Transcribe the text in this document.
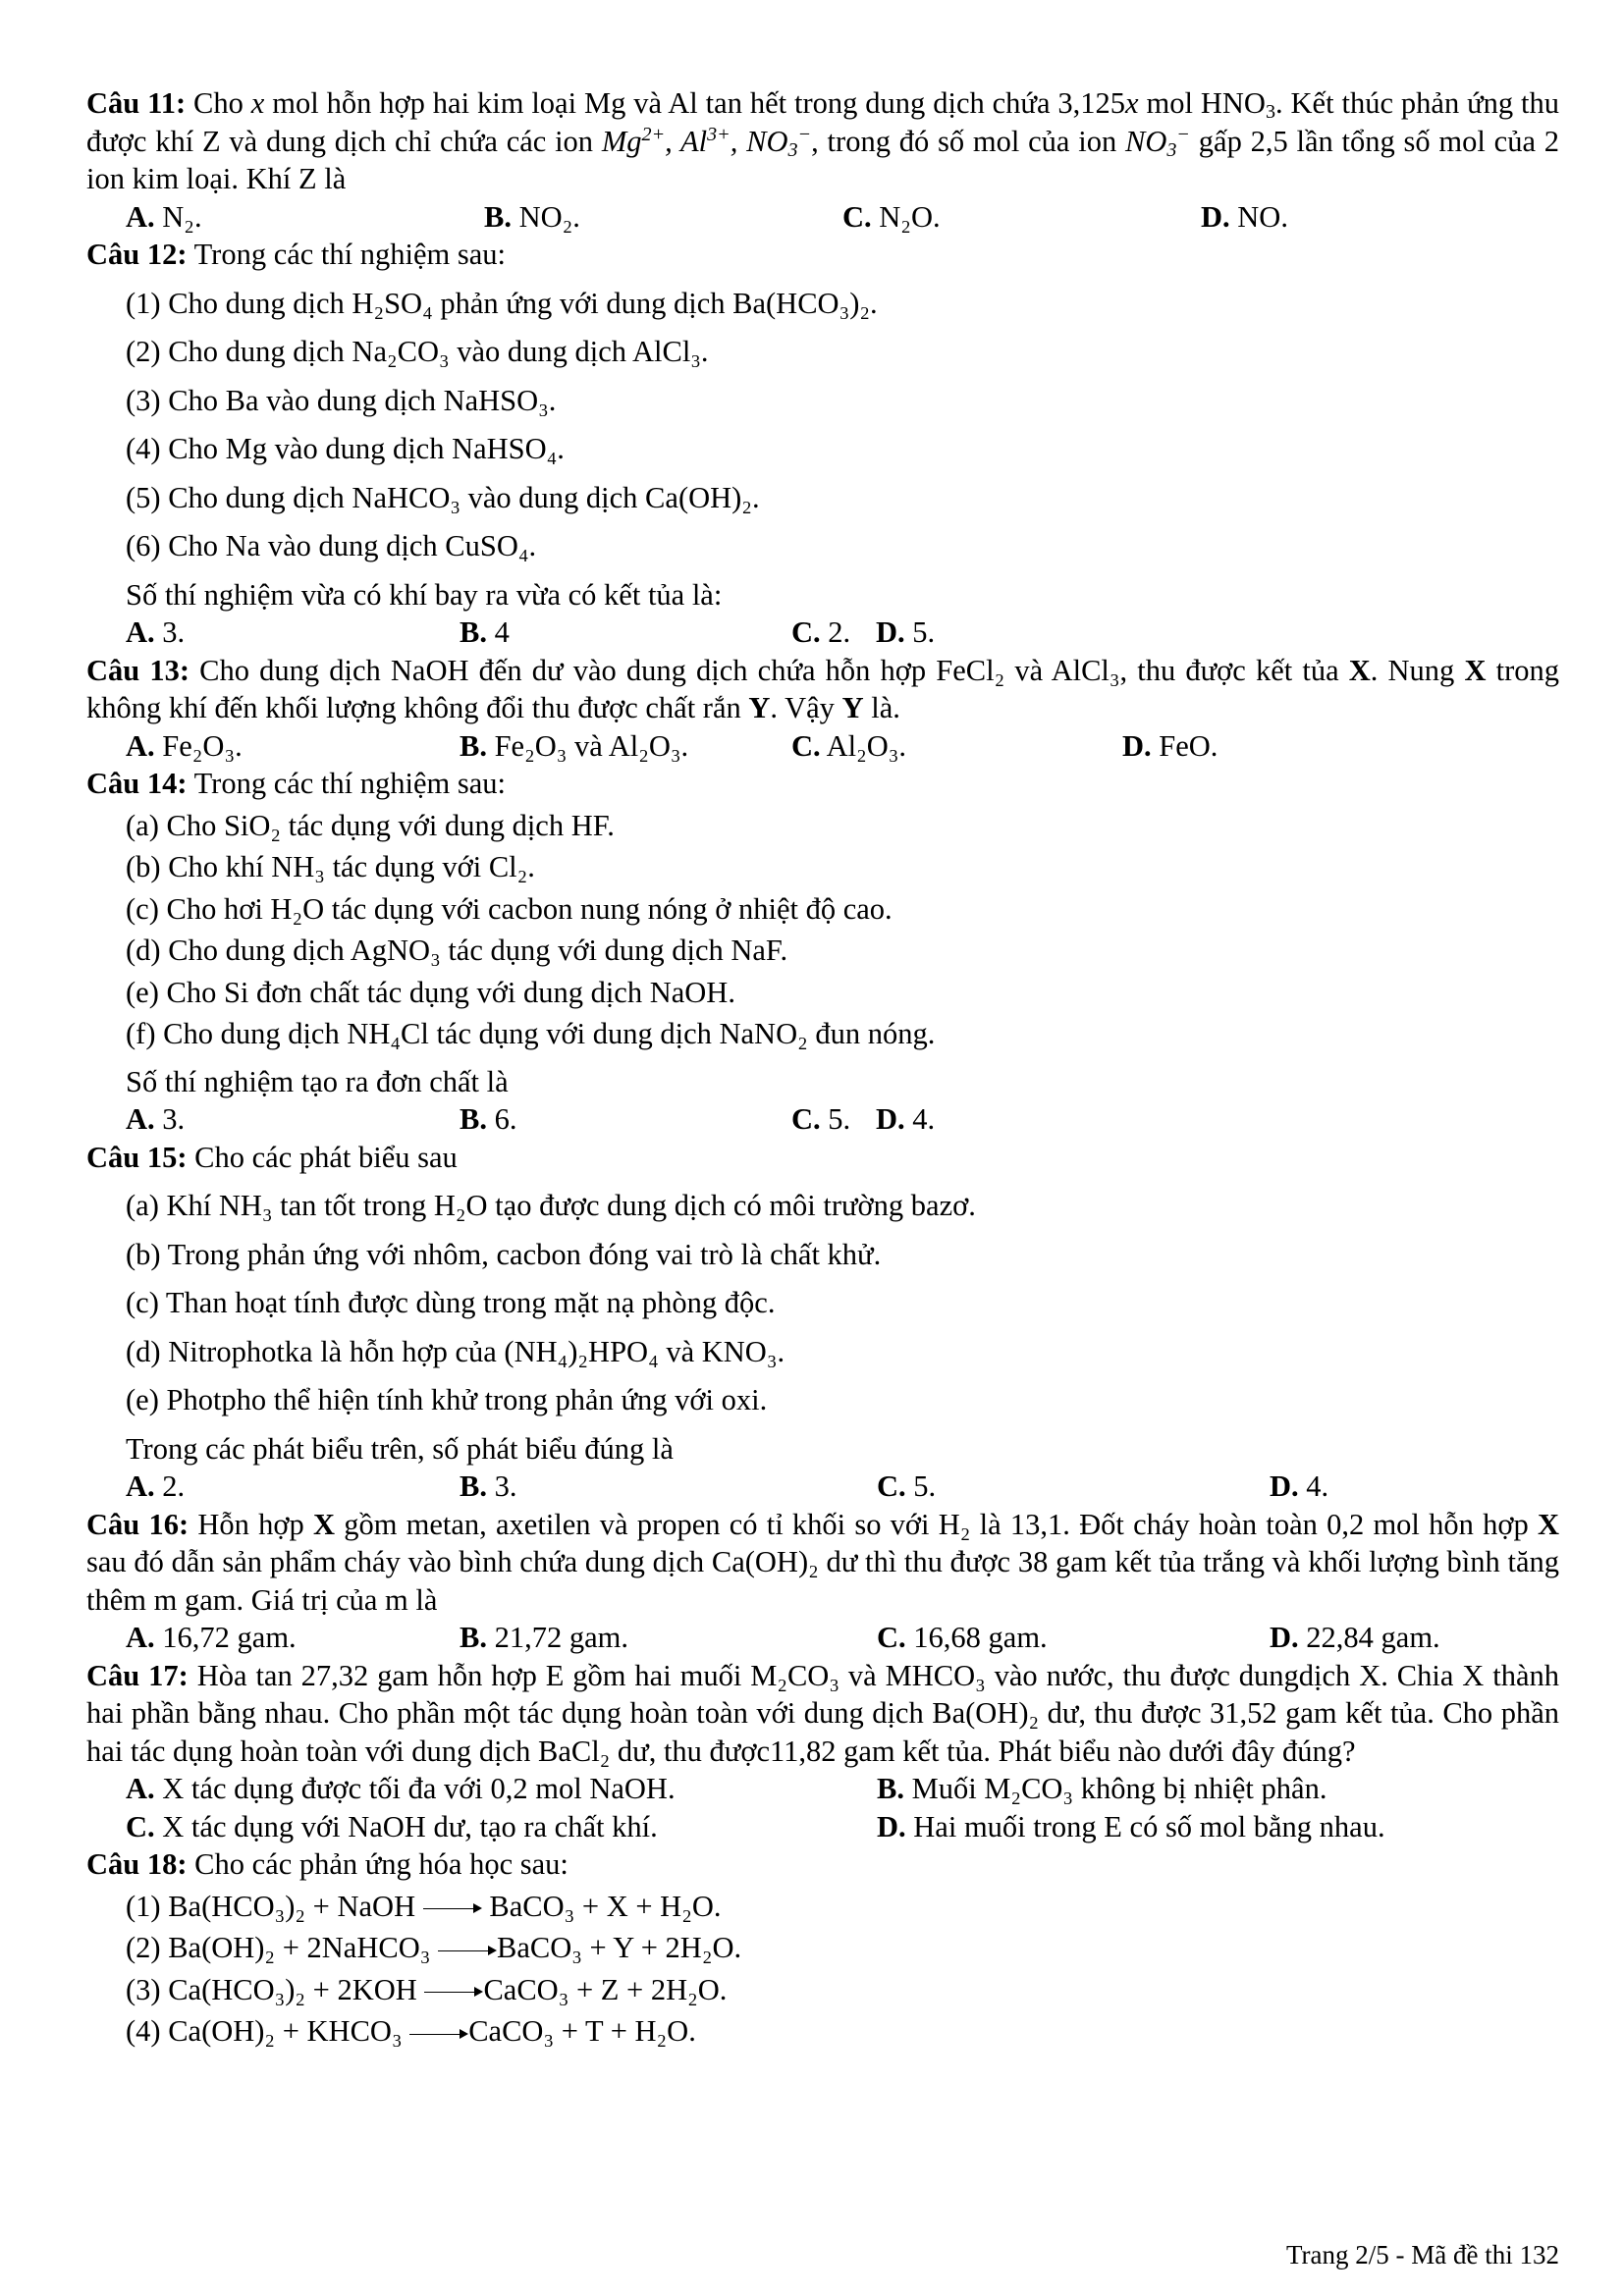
Câu 11: Cho x mol hỗn hợp hai kim loại Mg và Al tan hết trong dung dịch chứa 3,125x mol $HNO_3$. Kết thúc phản ứng thu được khí Z và dung dịch chỉ chứa các ion $Mg^{2+}$, $Al^{3+}$, $NO_3^-$, trong đó số mol của ion $NO_3^-$ gấp 2,5 lần tổng số mol của 2 ion kim loại. Khí Z là
A. N₂.	B. NO₂.	C. N₂O.	D. NO.
Câu 12: Trong các thí nghiệm sau:
(1) Cho dung dịch H₂SO₄ phản ứng với dung dịch Ba(HCO₃)₂.
(2) Cho dung dịch Na₂CO₃ vào dung dịch AlCl₃.
(3) Cho Ba vào dung dịch NaHSO₃.
(4) Cho Mg vào dung dịch NaHSO₄.
(5) Cho dung dịch NaHCO₃ vào dung dịch Ca(OH)₂.
(6) Cho Na vào dung dịch CuSO₄.
Số thí nghiệm vừa có khí bay ra vừa có kết tủa là:
A. 3.	B. 4	C. 2. D. 5.
Câu 13: Cho dung dịch NaOH đến dư vào dung dịch chứa hỗn hợp FeCl₂ và AlCl₃, thu được kết tủa X. Nung X trong không khí đến khối lượng không đổi thu được chất rắn Y. Vậy Y là.
A. Fe₂O₃.	B. Fe₂O₃ và Al₂O₃.	C. Al₂O₃.	D. FeO.
Câu 14: Trong các thí nghiệm sau:
(a) Cho SiO₂ tác dụng với dung dịch HF.
(b) Cho khí NH₃ tác dụng với Cl₂.
(c) Cho hơi H₂O tác dụng với cacbon nung nóng ở nhiệt độ cao.
(d) Cho dung dịch AgNO₃ tác dụng với dung dịch NaF.
(e) Cho Si đơn chất tác dụng với dung dịch NaOH.
(f) Cho dung dịch NH₄Cl tác dụng với dung dịch NaNO₂ đun nóng.
Số thí nghiệm tạo ra đơn chất là
A. 3.	B. 6.	C. 5. D. 4.
Câu 15: Cho các phát biểu sau
(a) Khí NH₃ tan tốt trong H₂O tạo được dung dịch có môi trường bazơ.
(b) Trong phản ứng với nhôm, cacbon đóng vai trò là chất khử.
(c) Than hoạt tính được dùng trong mặt nạ phòng độc.
(d) Nitrophotka là hỗn hợp của (NH₄)₂HPO₄ và KNO₃.
(e) Photpho thể hiện tính khử trong phản ứng với oxi.
Trong các phát biểu trên, số phát biểu đúng là
A. 2.	B. 3.	C. 5.	D. 4.
Câu 16: Hỗn hợp X gồm metan, axetilen và propen có tỉ khối so với H₂ là 13,1. Đốt cháy hoàn toàn 0,2 mol hỗn hợp X sau đó dẫn sản phẩm cháy vào bình chứa dung dịch Ca(OH)₂ dư thì thu được 38 gam kết tủa trắng và khối lượng bình tăng thêm m gam. Giá trị của m là
A. 16,72 gam.	B. 21,72 gam.	C. 16,68 gam.	D. 22,84 gam.
Câu 17: Hòa tan 27,32 gam hỗn hợp E gồm hai muối M₂CO₃ và MHCO₃ vào nước, thu được dungdịch X. Chia X thành hai phần bằng nhau. Cho phần một tác dụng hoàn toàn với dung dịch Ba(OH)₂ dư, thu được 31,52 gam kết tủa. Cho phần hai tác dụng hoàn toàn với dung dịch BaCl₂ dư, thu được11,82 gam kết tủa. Phát biểu nào dưới đây đúng?
A. X tác dụng được tối đa với 0,2 mol NaOH.	B. Muối M₂CO₃ không bị nhiệt phân.
C. X tác dụng với NaOH dư, tạo ra chất khí.	D. Hai muối trong E có số mol bằng nhau.
Câu 18: Cho các phản ứng hóa học sau:
(1) Ba(HCO₃)₂ + NaOH  BaCO₃ + X + H₂O.
(2) Ba(OH)₂ + 2NaHCO₃ BaCO₃ + Y + 2H₂O.
(3) Ca(HCO₃)₂ + 2KOH CaCO₃ + Z + 2H₂O.
(4) Ca(OH)₂ + KHCO₃ CaCO₃ + T + H₂O.
Trang 2/5 - Mã đề thi 132
